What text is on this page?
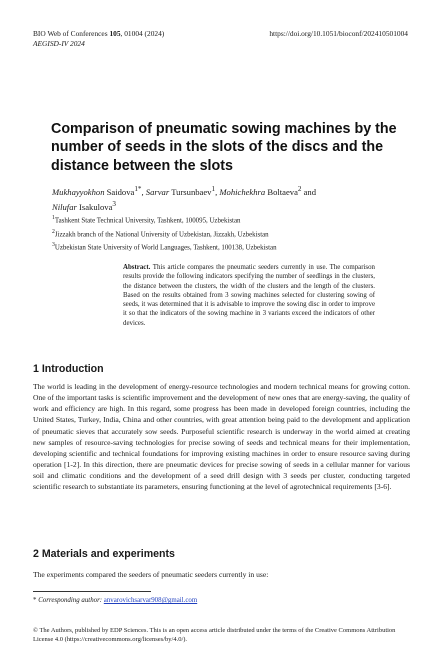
BIO Web of Conferences 105, 01004 (2024)
AEGISD-IV 2024
https://doi.org/10.1051/bioconf/202410501004
Comparison of pneumatic sowing machines by the number of seeds in the slots of the discs and the distance between the slots
Mukhayyokhon Saidova$^{1*}$, Sarvar Tursunbaev$^1$, Mohichekhra Boltaeva$^2$ and
Nilufar Isakulova$^3$
$^1$Tashkent State Technical University, Tashkent, 100095, Uzbekistan
$^2$Jizzakh branch of the National University of Uzbekistan, Jizzakh, Uzbekistan
$^3$Uzbekistan State University of World Languages, Tashkent, 100138, Uzbekistan
Abstract. This article compares the pneumatic seeders currently in use. The comparison results provide the following indicators specifying the number of seedlings in the clusters, the distance between the clusters, the width of the clusters and the length of the clusters. Based on the results obtained from 3 sowing machines selected for clustering sowing of seeds, it was determined that it is advisable to improve the sowing disc in order to improve it so that the indicators of the sowing machine in 3 variants exceed the indicators of other devices.
1 Introduction
The world is leading in the development of energy-resource technologies and modern technical means for growing cotton. One of the important tasks is scientific improvement and the development of new ones that are energy-saving, the quality of work and efficiency are high. In this regard, some progress has been made in developed foreign countries, including the United States, Turkey, India, China and other countries, with great attention being paid to the development and application of pneumatic sieves that accurately sow seeds. Purposeful scientific research is underway in the world aimed at creating new samples of resource-saving technologies for precise sowing of seeds and technical means for their implementation, developing scientific and technical foundations for improving existing machines in order to ensure resource saving during operation [1-2]. In this direction, there are pneumatic devices for precise sowing of seeds in a cellular manner for various soil and climatic conditions and the development of a seed drill design with 3 seeds per cluster, conducting targeted scientific research to substantiate its parameters, ensuring functioning at the level of agrotechnical requirements [3-6].
2 Materials and experiments
The experiments compared the seeders of pneumatic seeders currently in use:
* Corresponding author: anvarovichsarvar908@gmail.com
© The Authors, published by EDP Sciences. This is an open access article distributed under the terms of the Creative Commons Attribution License 4.0 (https://creativecommons.org/licenses/by/4.0/).
